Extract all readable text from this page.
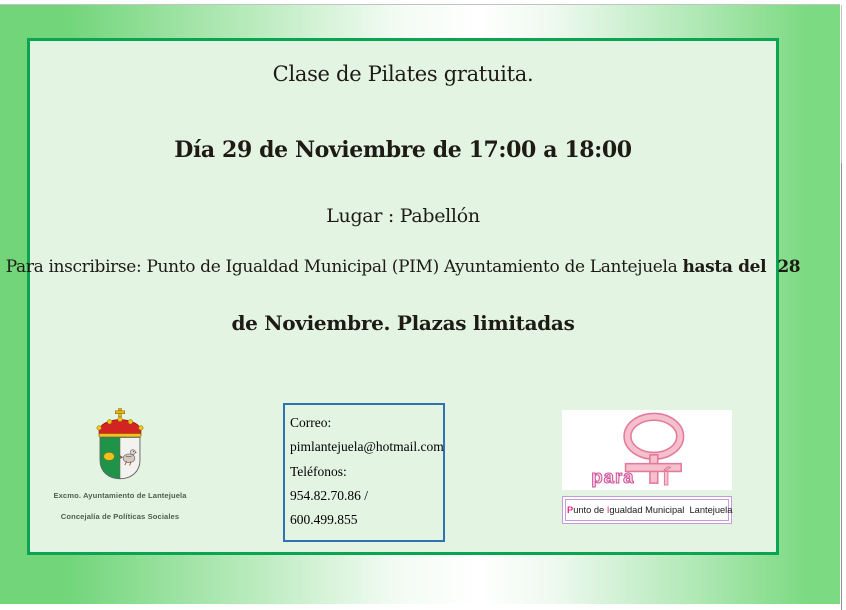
Clase de Pilates gratuita.
Día 29 de Noviembre de 17:00 a 18:00
Lugar : Pabellón
Para inscribirse: Punto de Igualdad Municipal (PIM) Ayuntamiento de Lantejuela hasta del  28
de Noviembre. Plazas limitadas
Excmo. Ayuntamiento de Lantejuela
Concejalía de Políticas Sociales
Correo:
pimlantejuela@hotmail.com
Teléfonos:
954.82.70.86 / 600.499.855
para í
Punto de Igualdad Municipal  Lantejuela
